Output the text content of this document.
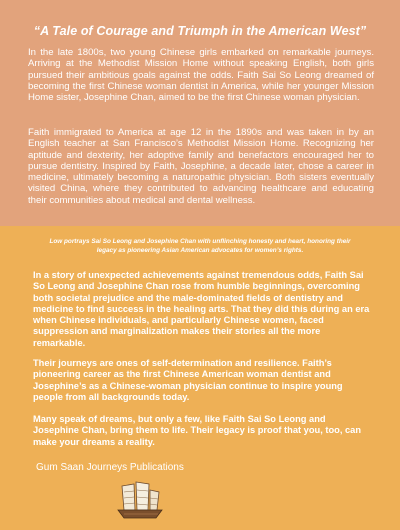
“A Tale of Courage and Triumph in the American West”

In the late 1800s, two young Chinese girls embarked on remarkable journeys. Arriving at the Methodist Mission Home without speaking English, both girls pursued their ambitious goals against the odds. Faith Sai So Leong dreamed of becoming the first Chinese woman dentist in America, while her younger Mission Home sister, Josephine Chan, aimed to be the first Chinese woman physician.

Faith immigrated to America at age 12 in the 1890s and was taken in by an English teacher at San Francisco’s Methodist Mission Home. Recognizing her aptitude and dexterity, her adoptive family and benefactors encouraged her to pursue dentistry. Inspired by Faith, Josephine, a decade later, chose a career in medicine, ultimately becoming a naturopathic physician. Both sisters eventually visited China, where they contributed to advancing healthcare and educating their communities about medical and dental wellness.

Low portrays Sai So Leong and Josephine Chan with unflinching honesty and heart, honoring their legacy as pioneering Asian American advocates for women’s rights.

In a story of unexpected achievements against tremendous odds, Faith Sai So Leong and Josephine Chan rose from humble beginnings, overcoming both societal prejudice and the male-dominated fields of dentistry and medicine to find success in the healing arts. That they did this during an era when Chinese individuals, and particularly Chinese women, faced suppression and marginalization makes their stories all the more remarkable.

Their journeys are ones of self-determination and resilience. Faith’s pioneering career as the first Chinese American woman dentist and Josephine’s as a Chinese-woman physician continue to inspire young people from all backgrounds today.

Many speak of dreams, but only a few, like Faith Sai So Leong and Josephine Chan, bring them to life. Their legacy is proof that you, too, can make your dreams a reality.

Gum Saan Journeys Publications
